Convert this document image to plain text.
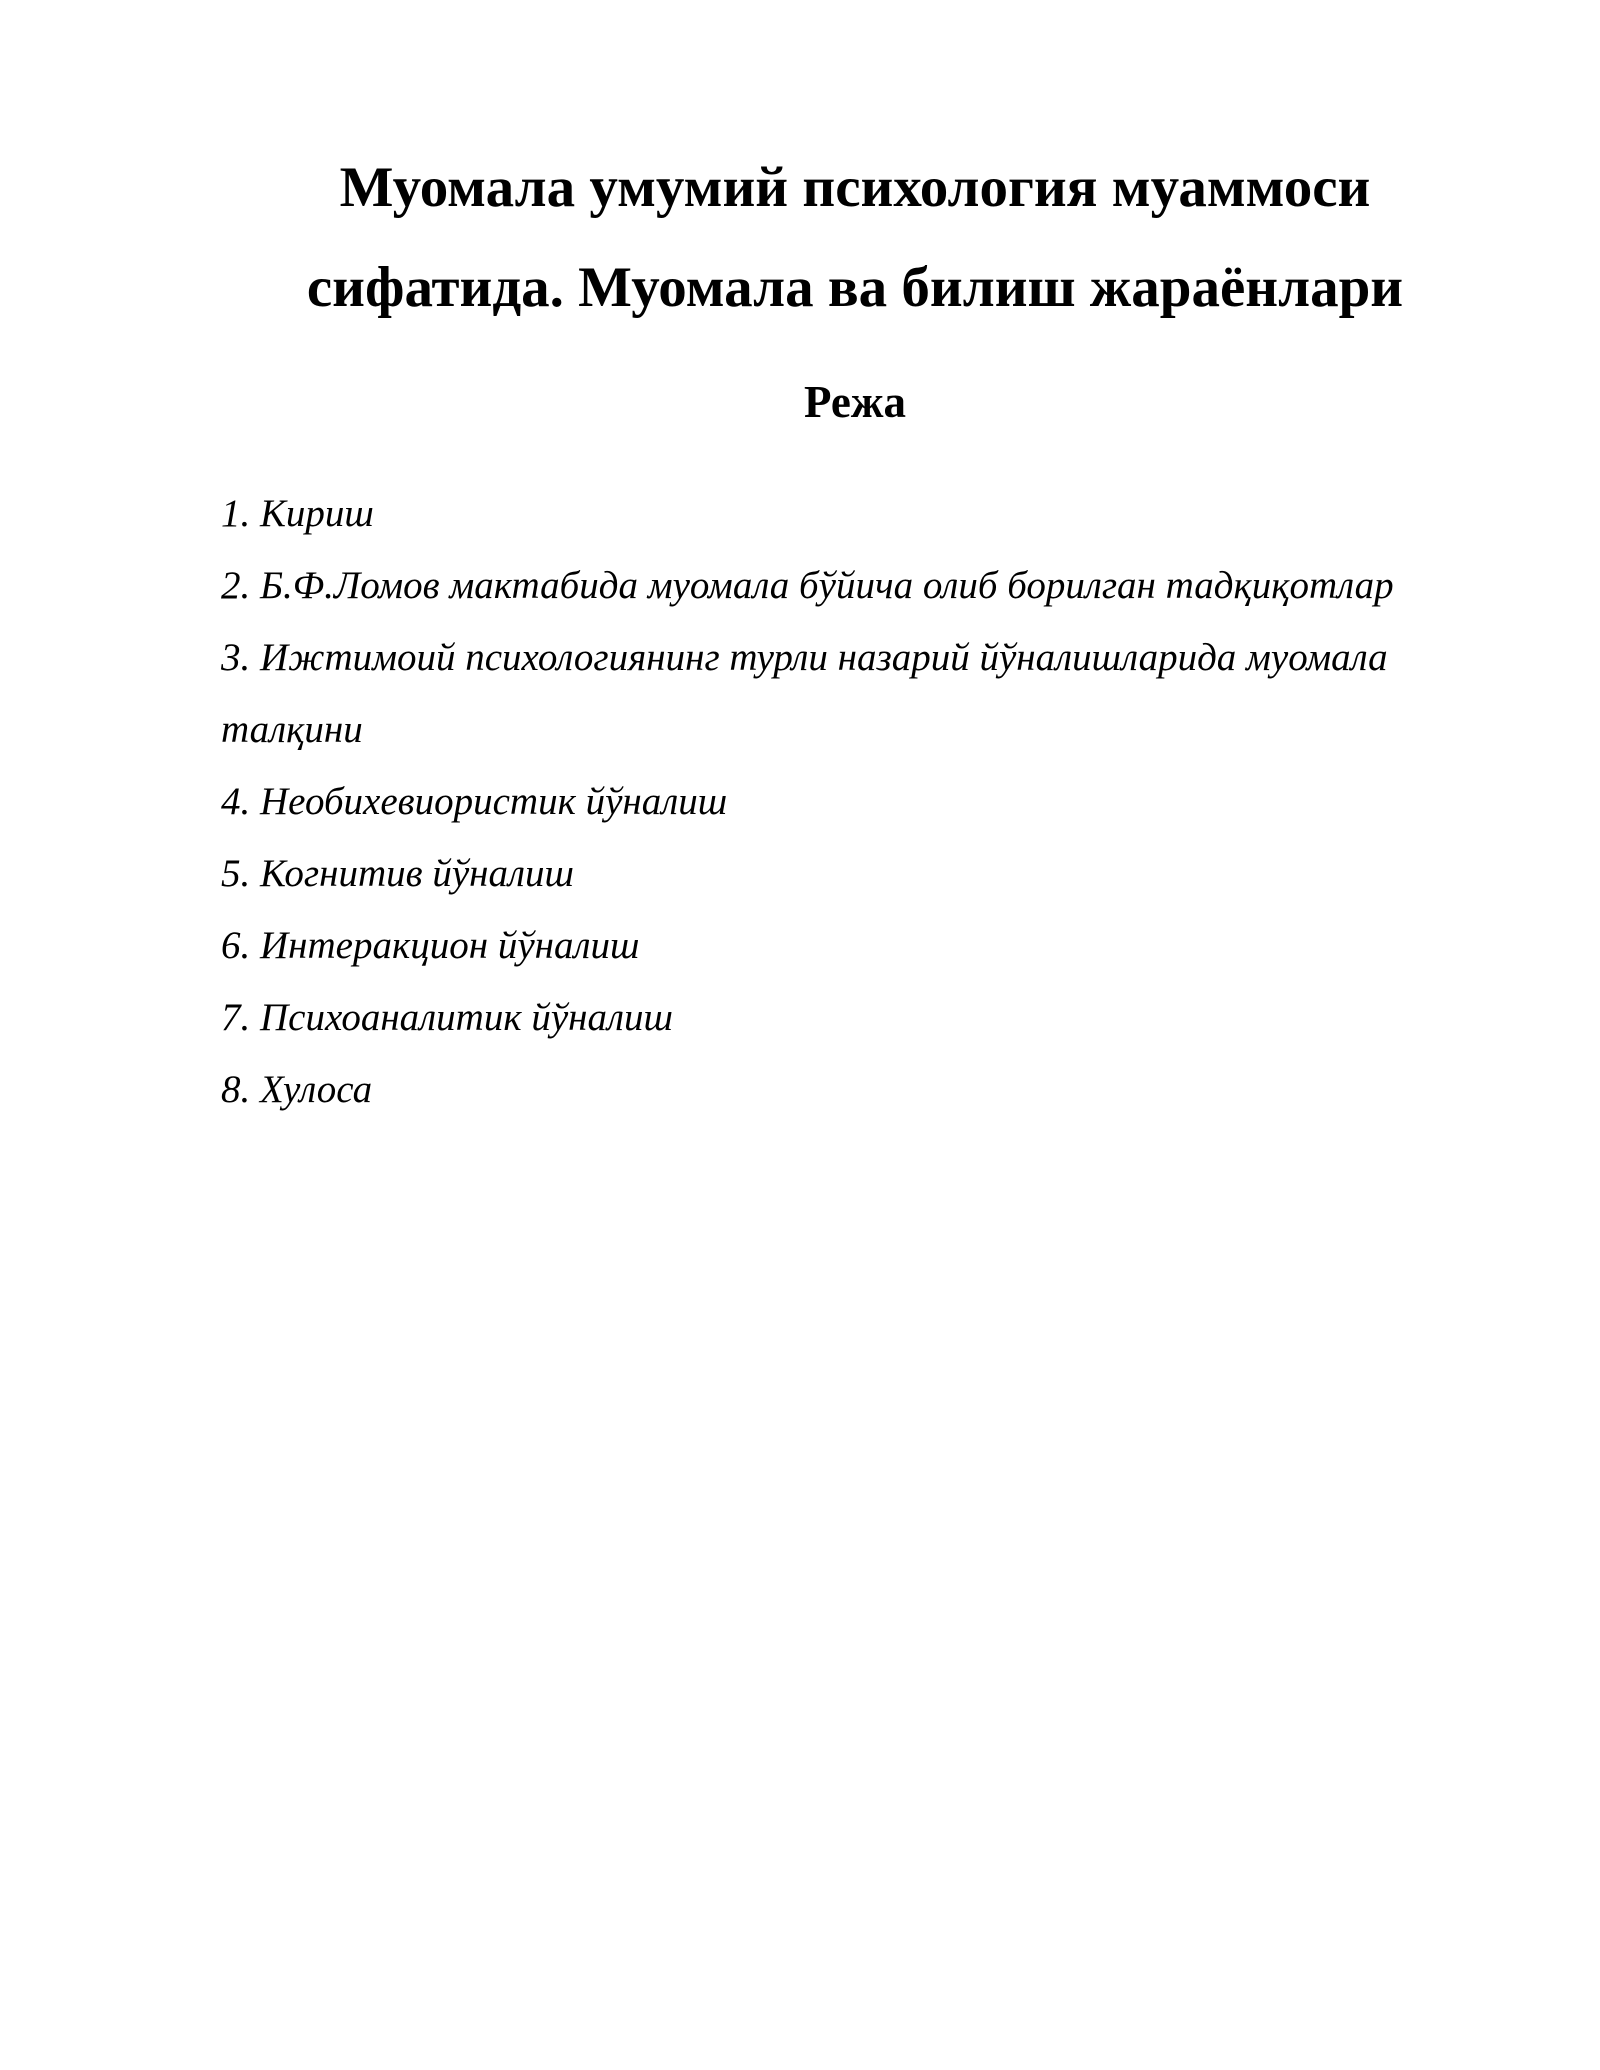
Муомала умумий психология муаммоси
сифатида. Муомала ва билиш жараёнлари
Режа
1. Кириш
2. Б.Ф.Ломов мактабида муомала бўйича олиб борилган тадқиқотлар
3. Ижтимоий психологиянинг турли назарий йўналишларида муомала талқини
4. Необихевиористик йўналиш
5. Когнитив йўналиш
6. Интеракцион йўналиш
7. Психоаналитик йўналиш
8. Хулоса
